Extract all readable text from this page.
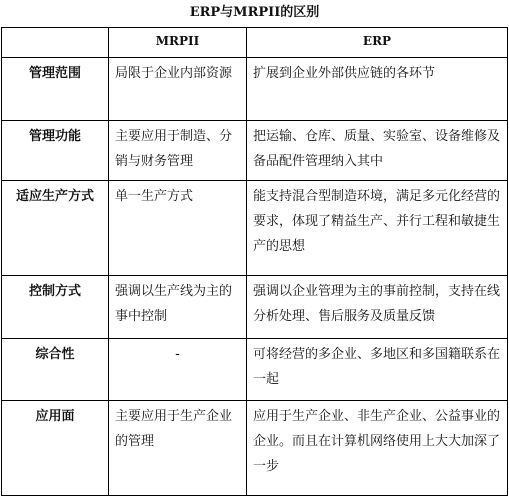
ERP与MRPII的区别
	MRPII	ERP
管理范围	局限于企业内部资源	扩展到企业外部供应链的各环节
管理功能	主要应用于制造、分销与财务管理	把运输、仓库、质量、实验室、设备维修及备品配件管理纳入其中
适应生产方式	单一生产方式	能支持混合型制造环境，满足多元化经营的要求，体现了精益生产、并行工程和敏捷生产的思想
控制方式	强调以生产线为主的事中控制	强调以企业管理为主的事前控制，支持在线分析处理、售后服务及质量反馈
综合性	-	可将经营的多企业、多地区和多国籍联系在一起
应用面	主要应用于生产企业的管理	应用于生产企业、非生产企业、公益事业的企业。而且在计算机网络使用上大大加深了一步
